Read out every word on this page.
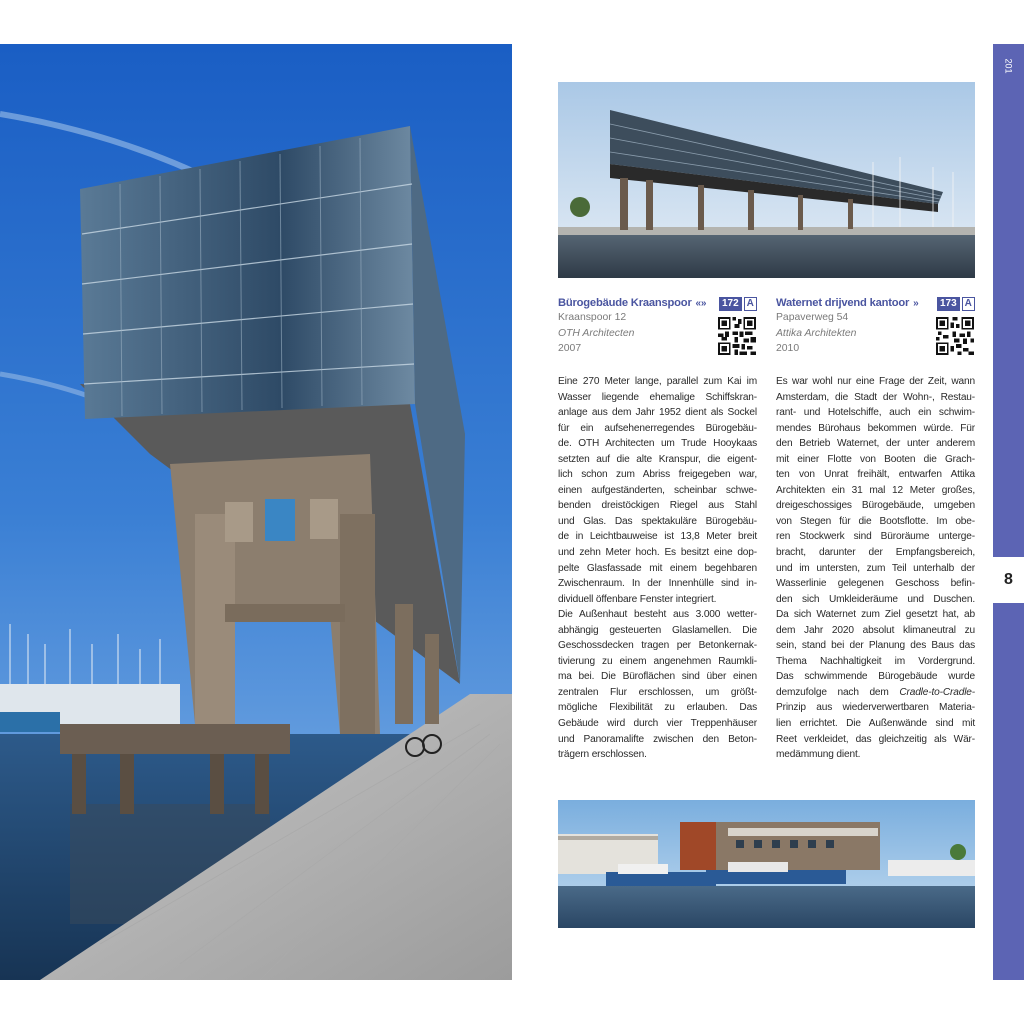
Bürogebäude Kraanspoor «»
Kraanspoor 12
OTH Architecten
2007
172 A Waternet drijvend kantoor »
Papaverweg 54
Attika Architekten
2010
173 A

Eine 270 Meter lange, parallel zum Kai im

Wasser liegende ehemalige Schiffskran-

anlage aus dem Jahr 1952 dient als Sockel

für ein aufsehenerregendes Bürogebäu-

de. OTH Architecten um Trude Hooykaas

setzten auf die alte Kranspur, die eigent-

lich schon zum Abriss freigegeben war,

einen aufgeständerten, scheinbar schwe-

benden dreistöckigen Riegel aus Stahl

und Glas. Das spektakuläre Bürogebäu-

de in Leichtbauweise ist 13,8 Meter breit

und zehn Meter hoch. Es besitzt eine dop-

pelte Glasfassade mit einem begehbaren

Zwischenraum. In der Innenhülle sind in-

dividuell öffenbare Fenster integriert.

Die Außenhaut besteht aus 3.000 wetter-

abhängig gesteuerten Glaslamellen. Die

Geschossdecken tragen per Betonkernak-

tivierung zu einem angenehmen Raumkli-

ma bei. Die Büroflächen sind über einen

zentralen Flur erschlossen, um größt-

mögliche Flexibilität zu erlauben. Das

Gebäude wird durch vier Treppenhäuser

und Panoramalifte zwischen den Beton-

trägern erschlossen.

Es war wohl nur eine Frage der Zeit, wann

Amsterdam, die Stadt der Wohn-, Restau-

rant- und Hotelschiffe, auch ein schwim-

mendes Bürohaus bekommen würde. Für

den Betrieb Waternet, der unter anderem

mit einer Flotte von Booten die Grach-

ten von Unrat freihält, entwarfen Attika

Architekten ein 31 mal 12 Meter großes,

dreigeschossiges Bürogebäude, umgeben

von Stegen für die Bootsflotte. Im obe-

ren Stockwerk sind Büroräume unterge-

bracht, darunter der Empfangsbereich,

und im untersten, zum Teil unterhalb der

Wasserlinie gelegenen Geschoss befin-

den sich Umkleideräume und Duschen.

Da sich Waternet zum Ziel gesetzt hat, ab

dem Jahr 2020 absolut klimaneutral zu

sein, stand bei der Planung des Baus das

Thema Nachhaltigkeit im Vordergrund.

Das schwimmende Bürogebäude wurde

demzufolge nach dem Cradle-to-Cradle-

Prinzip aus wiederverwertbaren Materia-

lien errichtet. Die Außenwände sind mit

Reet verkleidet, das gleichzeitig als Wär-

medämmung dient.

201
8
